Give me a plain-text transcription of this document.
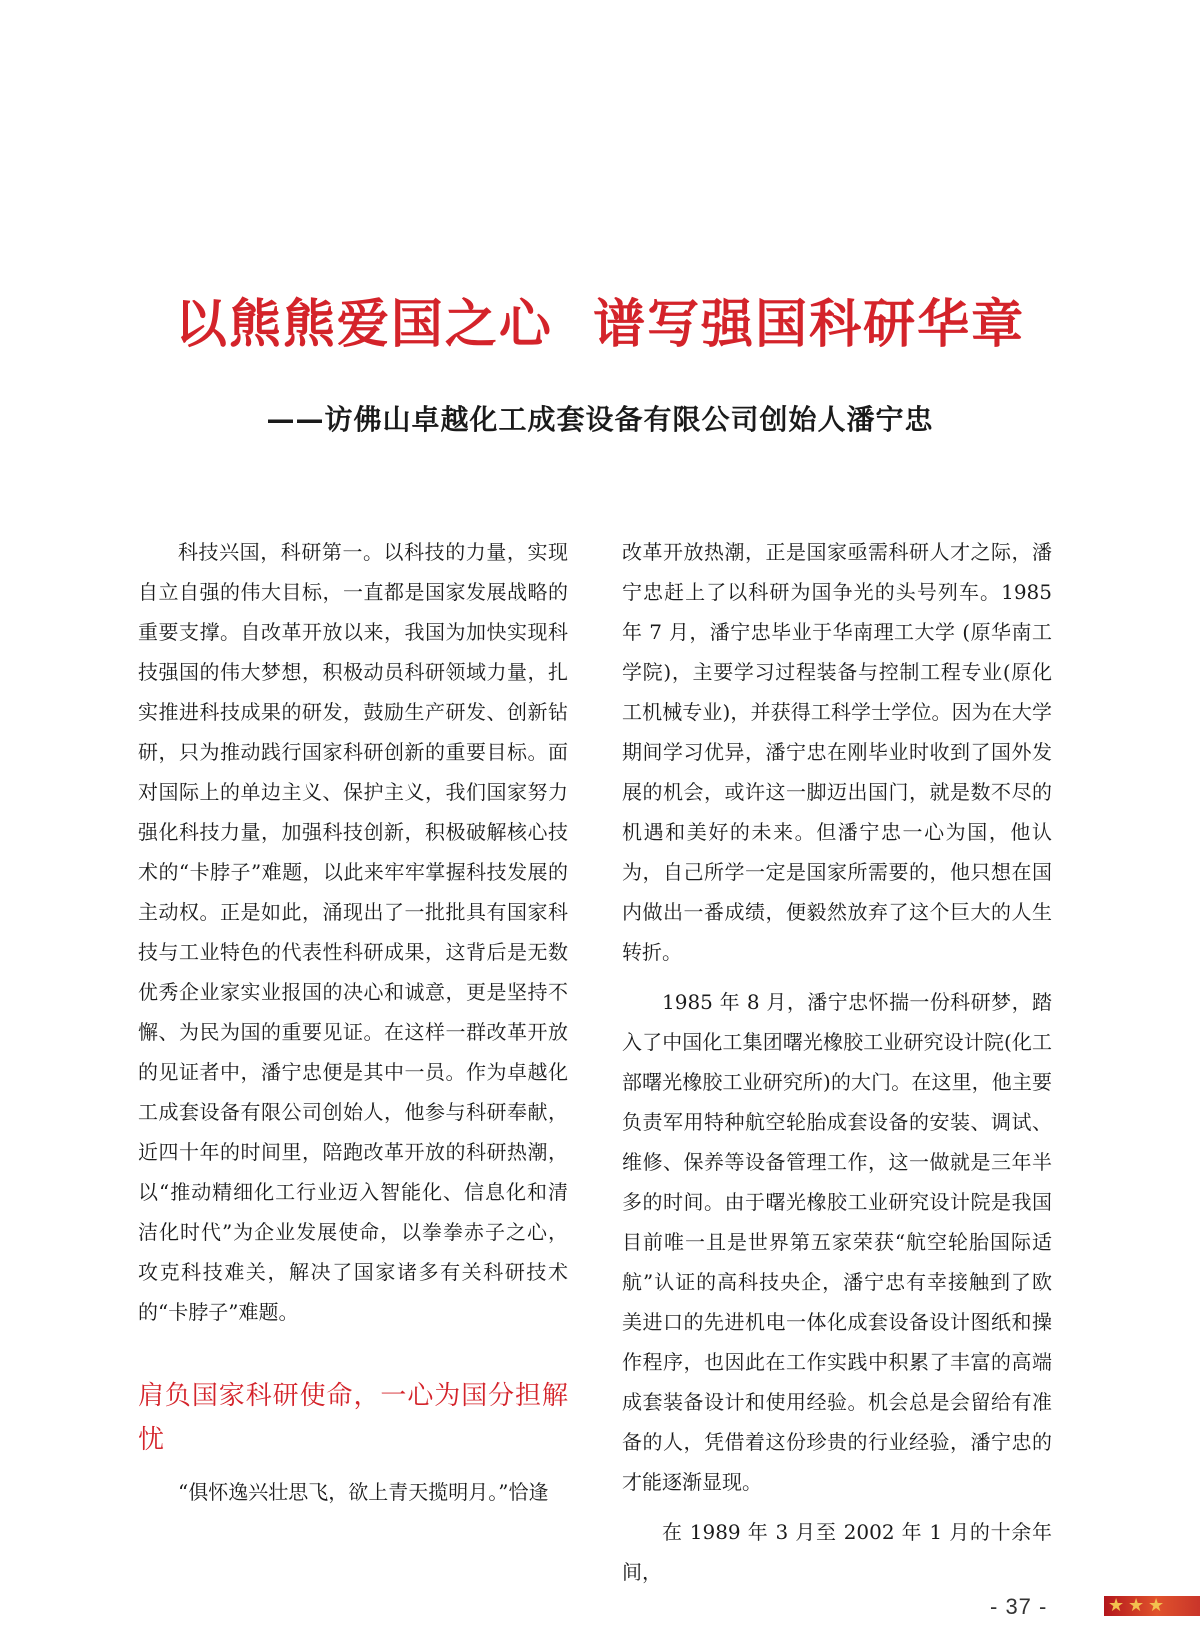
以熊熊爱国之心  谱写强国科研华章
——访佛山卓越化工成套设备有限公司创始人潘宁忠

科技兴国，科研第一。以科技的力量，实现自立自强的伟大目标，一直都是国家发展战略的重要支撑。自改革开放以来，我国为加快实现科技强国的伟大梦想，积极动员科研领域力量，扎实推进科技成果的研发，鼓励生产研发、创新钻研，只为推动践行国家科研创新的重要目标。面对国际上的单边主义、保护主义，我们国家努力强化科技力量，加强科技创新，积极破解核心技术的“卡脖子”难题，以此来牢牢掌握科技发展的主动权。正是如此，涌现出了一批批具有国家科技与工业特色的代表性科研成果，这背后是无数优秀企业家实业报国的决心和诚意，更是坚持不懈、为民为国的重要见证。在这样一群改革开放的见证者中，潘宁忠便是其中一员。作为卓越化工成套设备有限公司创始人，他参与科研奉献，近四十年的时间里，陪跑改革开放的科研热潮，以“推动精细化工行业迈入智能化、信息化和清洁化时代”为企业发展使命，以拳拳赤子之心，攻克科技难关，解决了国家诸多有关科研技术的“卡脖子”难题。

肩负国家科研使命，一心为国分担解忧

“俱怀逸兴壮思飞，欲上青天揽明月。”恰逢

改革开放热潮，正是国家亟需科研人才之际，潘宁忠赶上了以科研为国争光的头号列车。1985 年 7 月，潘宁忠毕业于华南理工大学 (原华南工学院)，主要学习过程装备与控制工程专业(原化工机械专业)，并获得工科学士学位。因为在大学期间学习优异，潘宁忠在刚毕业时收到了国外发展的机会，或许这一脚迈出国门，就是数不尽的机遇和美好的未来。但潘宁忠一心为国，他认为，自己所学一定是国家所需要的，他只想在国内做出一番成绩，便毅然放弃了这个巨大的人生转折。

1985 年 8 月，潘宁忠怀揣一份科研梦，踏入了中国化工集团曙光橡胶工业研究设计院(化工部曙光橡胶工业研究所)的大门。在这里，他主要负责军用特种航空轮胎成套设备的安装、调试、维修、保养等设备管理工作，这一做就是三年半多的时间。由于曙光橡胶工业研究设计院是我国目前唯一且是世界第五家荣获“航空轮胎国际适航”认证的高科技央企，潘宁忠有幸接触到了欧美进口的先进机电一体化成套设备设计图纸和操作程序，也因此在工作实践中积累了丰富的高端成套装备设计和使用经验。机会总是会留给有准备的人，凭借着这份珍贵的行业经验，潘宁忠的才能逐渐显现。

在 1989 年 3 月至 2002 年 1 月的十余年间，

- 37 -	★ ★ ★
